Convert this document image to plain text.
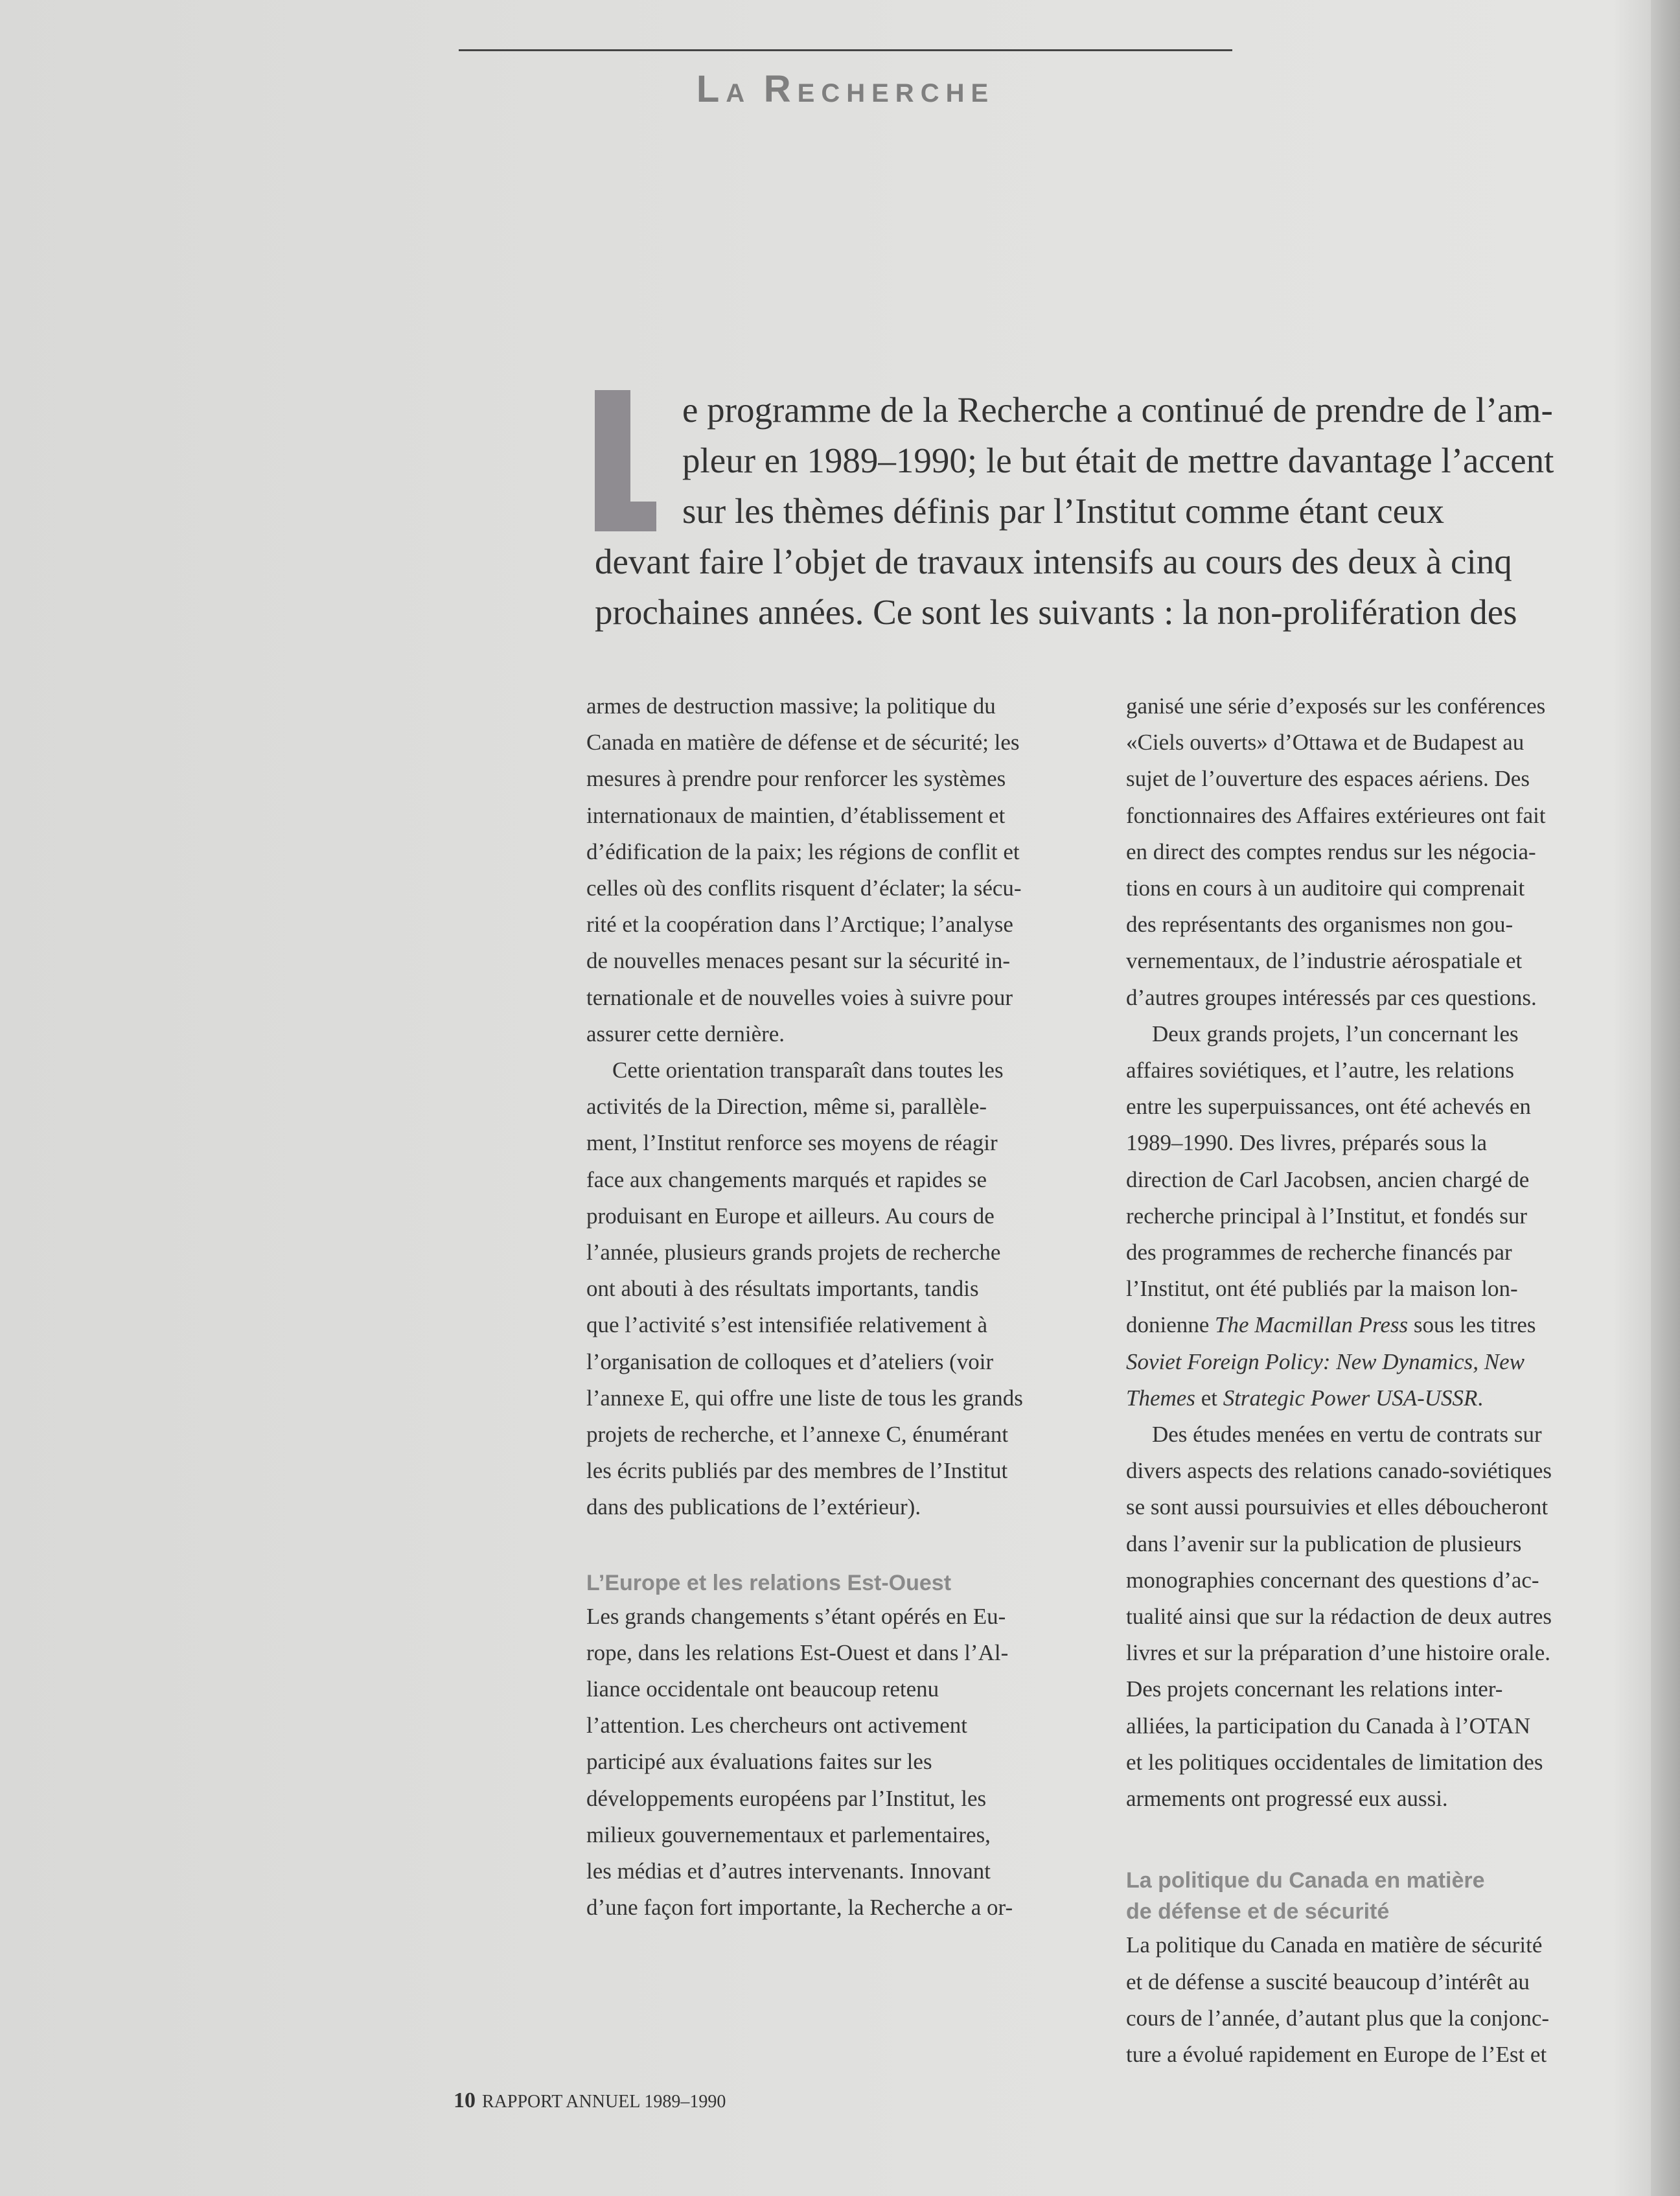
LA RECHERCHE
e programme de la Recherche a continué de prendre de l’am-
pleur en 1989–1990; le but était de mettre davantage l’accent
sur les thèmes définis par l’Institut comme étant ceux
devant faire l’objet de travaux intensifs au cours des deux à cinq
prochaines années. Ce sont les suivants : la non-prolifération des

armes de destruction massive; la politique du
Canada en matière de défense et de sécurité; les
mesures à prendre pour renforcer les systèmes
internationaux de maintien, d’établissement et
d’édification de la paix; les régions de conflit et
celles où des conflits risquent d’éclater; la sécu-
rité et la coopération dans l’Arctique; l’analyse
de nouvelles menaces pesant sur la sécurité in-
ternationale et de nouvelles voies à suivre pour
assurer cette dernière.

Cette orientation transparaît dans toutes les
activités de la Direction, même si, parallèle-
ment, l’Institut renforce ses moyens de réagir
face aux changements marqués et rapides se
produisant en Europe et ailleurs. Au cours de
l’année, plusieurs grands projets de recherche
ont abouti à des résultats importants, tandis
que l’activité s’est intensifiée relativement à
l’organisation de colloques et d’ateliers (voir
l’annexe E, qui offre une liste de tous les grands
projets de recherche, et l’annexe C, énumérant
les écrits publiés par des membres de l’Institut
dans des publications de l’extérieur).

L’Europe et les relations Est-Ouest

Les grands changements s’étant opérés en Eu-
rope, dans les relations Est-Ouest et dans l’Al-
liance occidentale ont beaucoup retenu
l’attention. Les chercheurs ont activement
participé aux évaluations faites sur les
développements européens par l’Institut, les
milieux gouvernementaux et parlementaires,
les médias et d’autres intervenants. Innovant
d’une façon fort importante, la Recherche a or-

ganisé une série d’exposés sur les conférences
«Ciels ouverts» d’Ottawa et de Budapest au
sujet de l’ouverture des espaces aériens. Des
fonctionnaires des Affaires extérieures ont fait
en direct des comptes rendus sur les négocia-
tions en cours à un auditoire qui comprenait
des représentants des organismes non gou-
vernementaux, de l’industrie aérospatiale et
d’autres groupes intéressés par ces questions.

Deux grands projets, l’un concernant les
affaires soviétiques, et l’autre, les relations
entre les superpuissances, ont été achevés en
1989–1990. Des livres, préparés sous la
direction de Carl Jacobsen, ancien chargé de
recherche principal à l’Institut, et fondés sur
des programmes de recherche financés par
l’Institut, ont été publiés par la maison lon-
donienne The Macmillan Press sous les titres
Soviet Foreign Policy: New Dynamics, New
Themes et Strategic Power USA-USSR.

Des études menées en vertu de contrats sur
divers aspects des relations canado-soviétiques
se sont aussi poursuivies et elles déboucheront
dans l’avenir sur la publication de plusieurs
monographies concernant des questions d’ac-
tualité ainsi que sur la rédaction de deux autres
livres et sur la préparation d’une histoire orale.
Des projets concernant les relations inter-
alliées, la participation du Canada à l’OTAN
et les politiques occidentales de limitation des
armements ont progressé eux aussi.

La politique du Canada en matière
de défense et de sécurité

La politique du Canada en matière de sécurité
et de défense a suscité beaucoup d’intérêt au
cours de l’année, d’autant plus que la conjonc-
ture a évolué rapidement en Europe de l’Est et

10 RAPPORT ANNUEL 1989–1990
